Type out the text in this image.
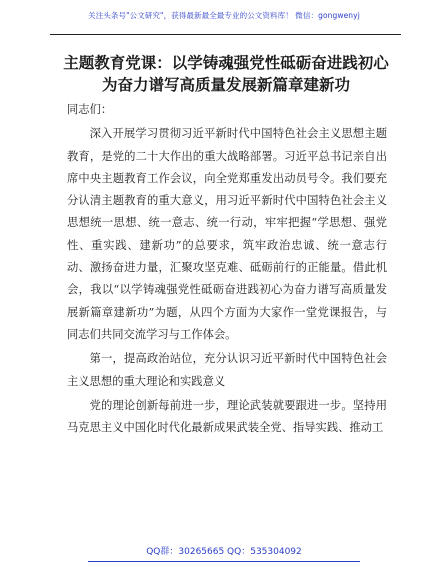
关注头条号"公文研究"，获得最新最全最专业的公文资料库！ 微信：gongwenyj
主题教育党课：以学铸魂强党性砥砺奋进践初心为奋力谱写高质量发展新篇章建新功

同志们：

深入开展学习贯彻习近平新时代中国特色社会主义思想主题教育，是党的二十大作出的重大战略部署。习近平总书记亲自出席中央主题教育工作会议，向全党郑重发出动员号令。我们要充分认清主题教育的重大意义，用习近平新时代中国特色社会主义思想统一思想、统一意志、统一行动，牢牢把握“学思想、强党性、重实践、建新功”的总要求，筑牢政治忠诚、统一意志行动、激扬奋进力量，汇聚攻坚克难、砥砺前行的正能量。借此机会，我以“以学铸魂强党性砥砺奋进践初心为奋力谱写高质量发展新篇章建新功”为题，从四个方面为大家作一堂党课报告，与同志们共同交流学习与工作体会。

第一，提高政治站位，充分认识习近平新时代中国特色社会主义思想的重大理论和实践意义

党的理论创新每前进一步，理论武装就要跟进一步。坚持用马克思主义中国化时代化最新成果武装全党、指导实践、推动工

QQ群：30265665 QQ：535304092
